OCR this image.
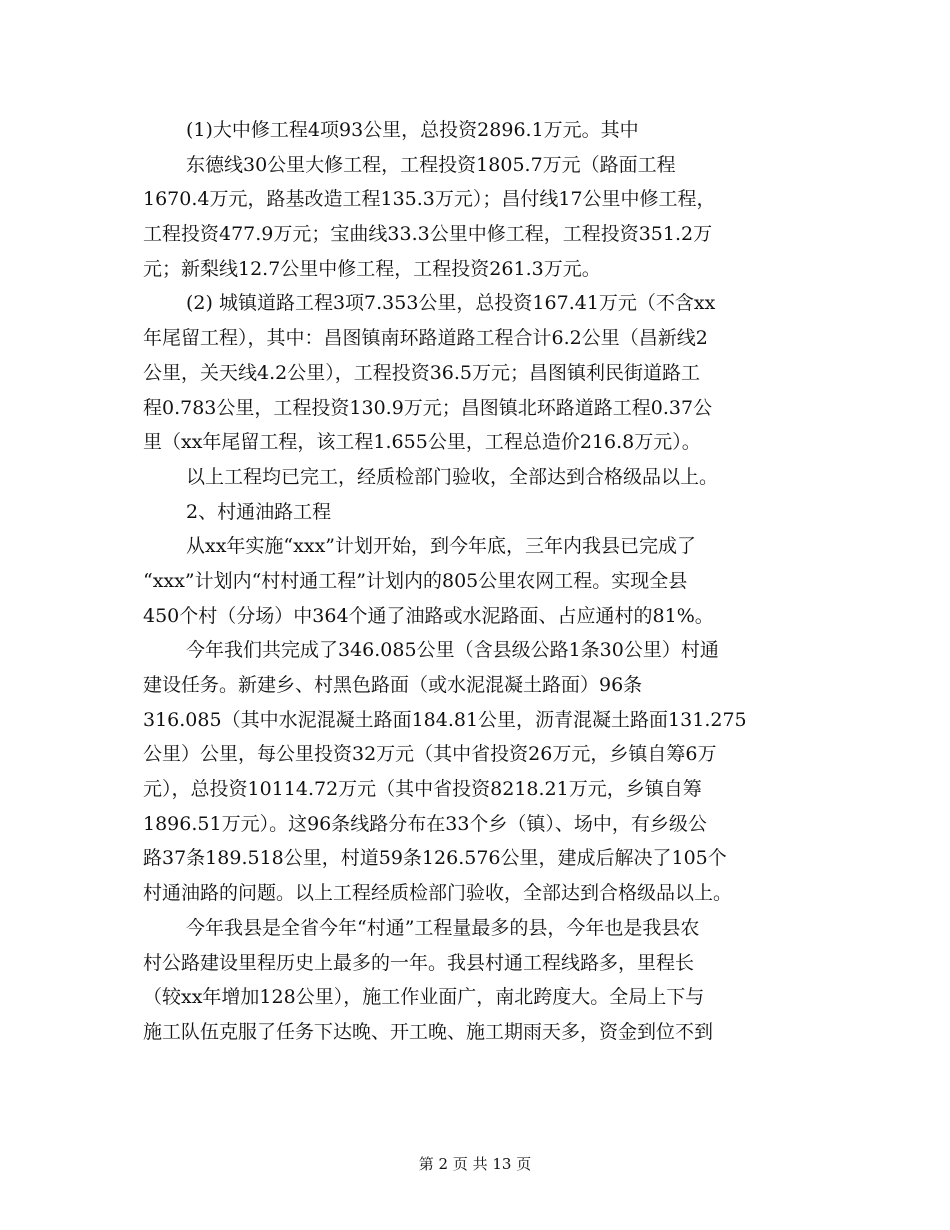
(1)大中修工程4项93公里，总投资2896.1万元。其中
东德线30公里大修工程，工程投资1805.7万元（路面工程
1670.4万元，路基改造工程135.3万元）；昌付线17公里中修工程，
工程投资477.9万元；宝曲线33.3公里中修工程，工程投资351.2万
元；新梨线12.7公里中修工程，工程投资261.3万元。
(2) 城镇道路工程3项7.353公里，总投资167.41万元（不含xx
年尾留工程），其中：昌图镇南环路道路工程合计6.2公里（昌新线2
公里，关天线4.2公里），工程投资36.5万元；昌图镇利民街道路工
程0.783公里，工程投资130.9万元；昌图镇北环路道路工程0.37公
里（xx年尾留工程，该工程1.655公里，工程总造价216.8万元）。
以上工程均已完工，经质检部门验收，全部达到合格级品以上。
2、村通油路工程
从xx年实施“xxx”计划开始，到今年底，三年内我县已完成了
“xxx”计划内“村村通工程”计划内的805公里农网工程。实现全县
450个村（分场）中364个通了油路或水泥路面、占应通村的81%。
今年我们共完成了346.085公里（含县级公路1条30公里）村通
建设任务。新建乡、村黑色路面（或水泥混凝土路面）96条
316.085（其中水泥混凝土路面184.81公里，沥青混凝土路面131.275
公里）公里，每公里投资32万元（其中省投资26万元，乡镇自筹6万
元），总投资10114.72万元（其中省投资8218.21万元，乡镇自筹
1896.51万元）。这96条线路分布在33个乡（镇）、场中，有乡级公
路37条189.518公里，村道59条126.576公里，建成后解决了105个
村通油路的问题。以上工程经质检部门验收，全部达到合格级品以上。
今年我县是全省今年“村通”工程量最多的县，今年也是我县农
村公路建设里程历史上最多的一年。我县村通工程线路多，里程长
（较xx年增加128公里），施工作业面广，南北跨度大。全局上下与
施工队伍克服了任务下达晚、开工晚、施工期雨天多，资金到位不到
第 2 页 共 13 页
